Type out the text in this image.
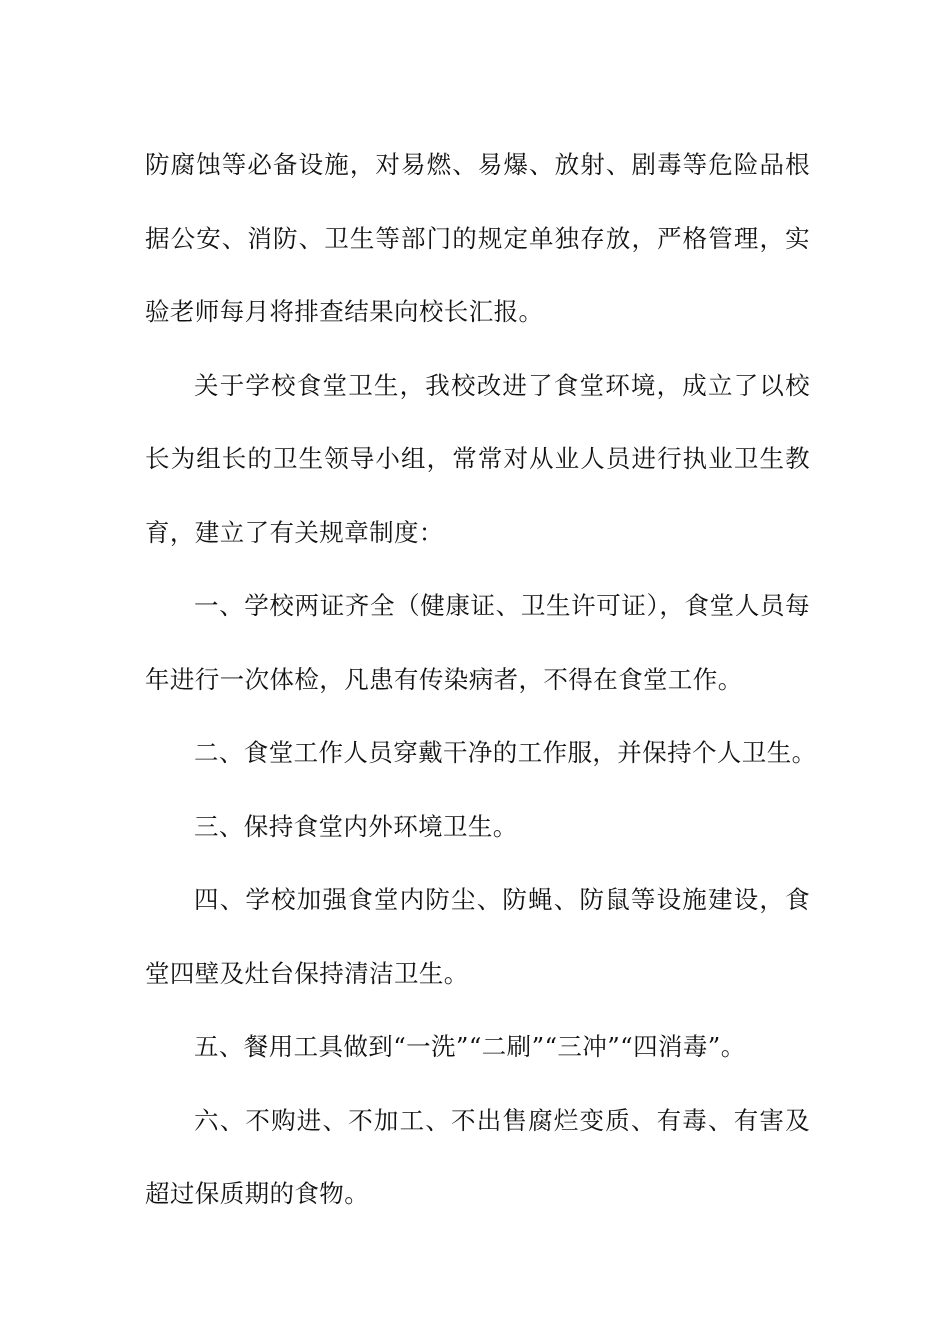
防腐蚀等必备设施，对易燃、易爆、放射、剧毒等危险品根据公安、消防、卫生等部门的规定单独存放，严格管理，实验老师每月将排查结果向校长汇报。

关于学校食堂卫生，我校改进了食堂环境，成立了以校长为组长的卫生领导小组，常常对从业人员进行执业卫生教育，建立了有关规章制度：

一、学校两证齐全（健康证、卫生许可证），食堂人员每年进行一次体检，凡患有传染病者，不得在食堂工作。

二、食堂工作人员穿戴干净的工作服，并保持个人卫生。

三、保持食堂内外环境卫生。

四、学校加强食堂内防尘、防蝇、防鼠等设施建设，食堂四壁及灶台保持清洁卫生。

五、餐用工具做到“一洗”“二刷”“三冲”“四消毒”。

六、不购进、不加工、不出售腐烂变质、有毒、有害及超过保质期的食物。
